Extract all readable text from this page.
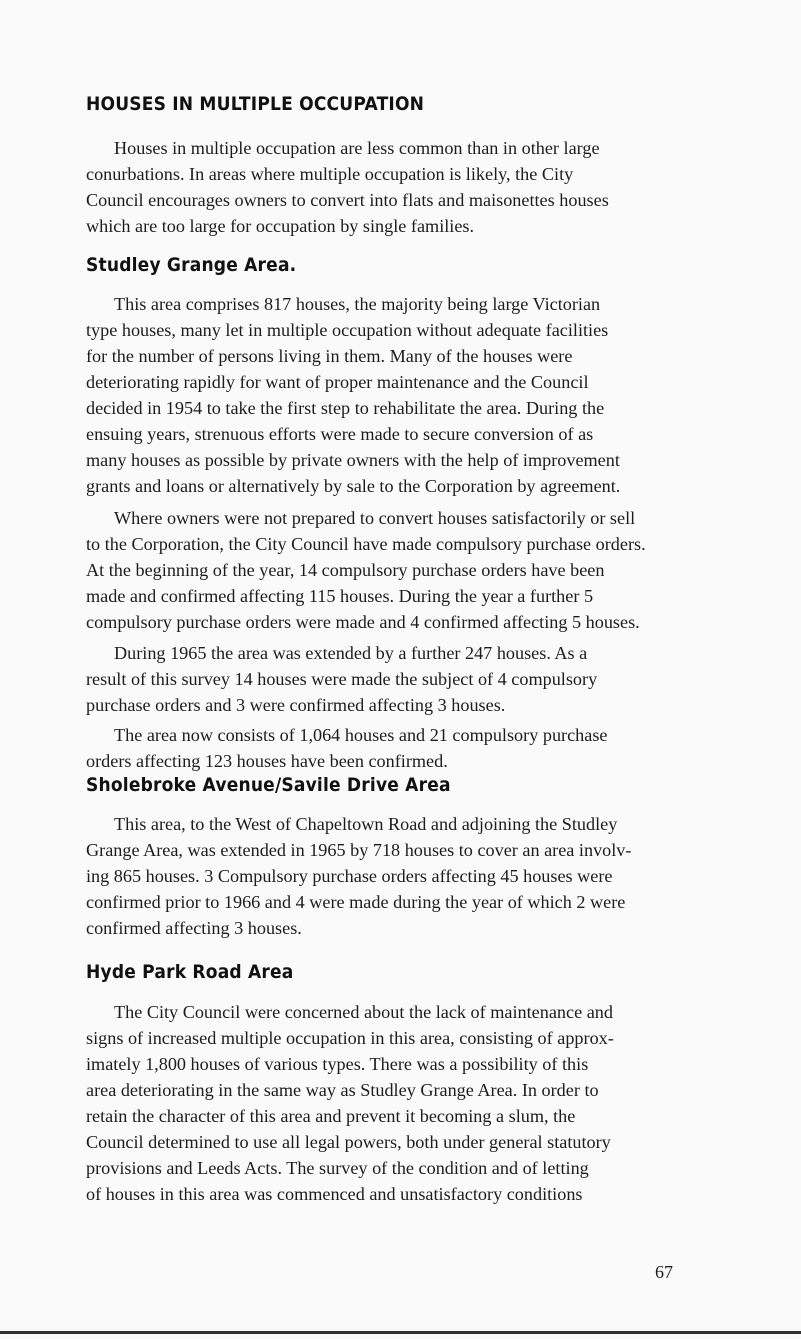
HOUSES IN MULTIPLE OCCUPATION
Houses in multiple occupation are less common than in other large
conurbations. In areas where multiple occupation is likely, the City
Council encourages owners to convert into flats and maisonettes houses
which are too large for occupation by single families.
Studley Grange Area.
This area comprises 817 houses, the majority being large Victorian
type houses, many let in multiple occupation without adequate facilities
for the number of persons living in them. Many of the houses were
deteriorating rapidly for want of proper maintenance and the Council
decided in 1954 to take the first step to rehabilitate the area. During the
ensuing years, strenuous efforts were made to secure conversion of as
many houses as possible by private owners with the help of improvement
grants and loans or alternatively by sale to the Corporation by agreement.
Where owners were not prepared to convert houses satisfactorily or sell
to the Corporation, the City Council have made compulsory purchase orders.
At the beginning of the year, 14 compulsory purchase orders have been
made and confirmed affecting 115 houses. During the year a further 5
compulsory purchase orders were made and 4 confirmed affecting 5 houses.
During 1965 the area was extended by a further 247 houses. As a
result of this survey 14 houses were made the subject of 4 compulsory
purchase orders and 3 were confirmed affecting 3 houses.
The area now consists of 1,064 houses and 21 compulsory purchase
orders affecting 123 houses have been confirmed.
Sholebroke Avenue/Savile Drive Area
This area, to the West of Chapeltown Road and adjoining the Studley
Grange Area, was extended in 1965 by 718 houses to cover an area involv-
ing 865 houses. 3 Compulsory purchase orders affecting 45 houses were
confirmed prior to 1966 and 4 were made during the year of which 2 were
confirmed affecting 3 houses.
Hyde Park Road Area
The City Council were concerned about the lack of maintenance and
signs of increased multiple occupation in this area, consisting of approx-
imately 1,800 houses of various types. There was a possibility of this
area deteriorating in the same way as Studley Grange Area. In order to
retain the character of this area and prevent it becoming a slum, the
Council determined to use all legal powers, both under general statutory
provisions and Leeds Acts. The survey of the condition and of letting
of houses in this area was commenced and unsatisfactory conditions
67
